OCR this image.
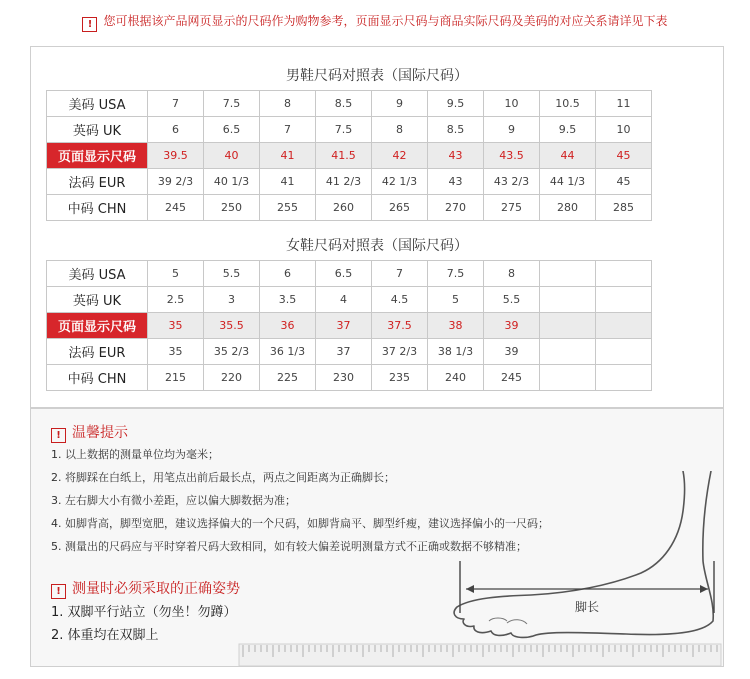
! 您可根据该产品网页显示的尺码作为购物参考，页面显示尺码与商品实际尺码及美码的对应关系请详见下表
男鞋尺码对照表（国际尺码）
美码 USA	7	7.5	8	8.5	9	9.5	10	10.5	11
英码 UK	6	6.5	7	7.5	8	8.5	9	9.5	10
页面显示尺码	39.5	40	41	41.5	42	43	43.5	44	45
法码 EUR	39 2/3	40 1/3	41	41 2/3	42 1/3	43	43 2/3	44 1/3	45
中码 CHN	245	250	255	260	265	270	275	280	285
女鞋尺码对照表（国际尺码）
美码 USA	5	5.5	6	6.5	7	7.5	8		
英码 UK	2.5	3	3.5	4	4.5	5	5.5		
页面显示尺码	35	35.5	36	37	37.5	38	39		
法码 EUR	35	35 2/3	36 1/3	37	37 2/3	38 1/3	39		
中码 CHN	215	220	225	230	235	240	245		
! 温馨提示
1. 以上数据的测量单位均为毫米；
2. 将脚踩在白纸上，用笔点出前后最长点，两点之间距离为正确脚长；
3. 左右脚大小有微小差距，应以偏大脚数据为准；
4. 如脚背高，脚型宽肥，建议选择偏大的一个尺码，如脚背扁平、脚型纤瘦，建议选择偏小的一尺码；
5. 测量出的尺码应与平时穿着尺码大致相同，如有较大偏差说明测量方式不正确或数据不够精准；
! 测量时必须采取的正确姿势
1. 双脚平行站立（勿坐！勿蹲）
2. 体重均在双脚上
脚长
